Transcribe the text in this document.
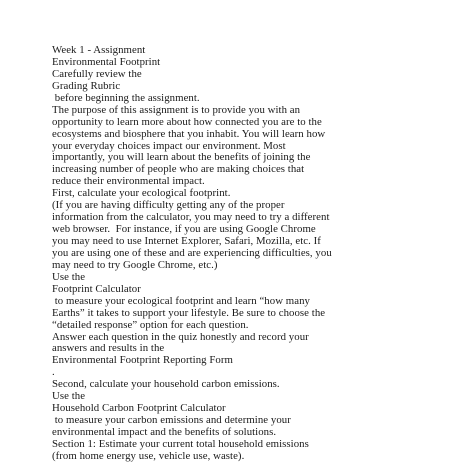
Week 1 - Assignment
Environmental Footprint
Carefully review the
Grading Rubric
before beginning the assignment.
The purpose of this assignment is to provide you with an
opportunity to learn more about how connected you are to the
ecosystems and biosphere that you inhabit. You will learn how
your everyday choices impact our environment. Most
importantly, you will learn about the benefits of joining the
increasing number of people who are making choices that
reduce their environmental impact.
First, calculate your ecological footprint.
(If you are having difficulty getting any of the proper
information from the calculator, you may need to try a different
web browser.  For instance, if you are using Google Chrome
you may need to use Internet Explorer, Safari, Mozilla, etc. If
you are using one of these and are experiencing difficulties, you
may need to try Google Chrome, etc.)
Use the
Footprint Calculator
to measure your ecological footprint and learn “how many
Earths” it takes to support your lifestyle. Be sure to choose the
“detailed response” option for each question.
Answer each question in the quiz honestly and record your
answers and results in the
Environmental Footprint Reporting Form
.
Second, calculate your household carbon emissions.
Use the
Household Carbon Footprint Calculator
to measure your carbon emissions and determine your
environmental impact and the benefits of solutions.
Section 1: Estimate your current total household emissions
(from home energy use, vehicle use, waste).
